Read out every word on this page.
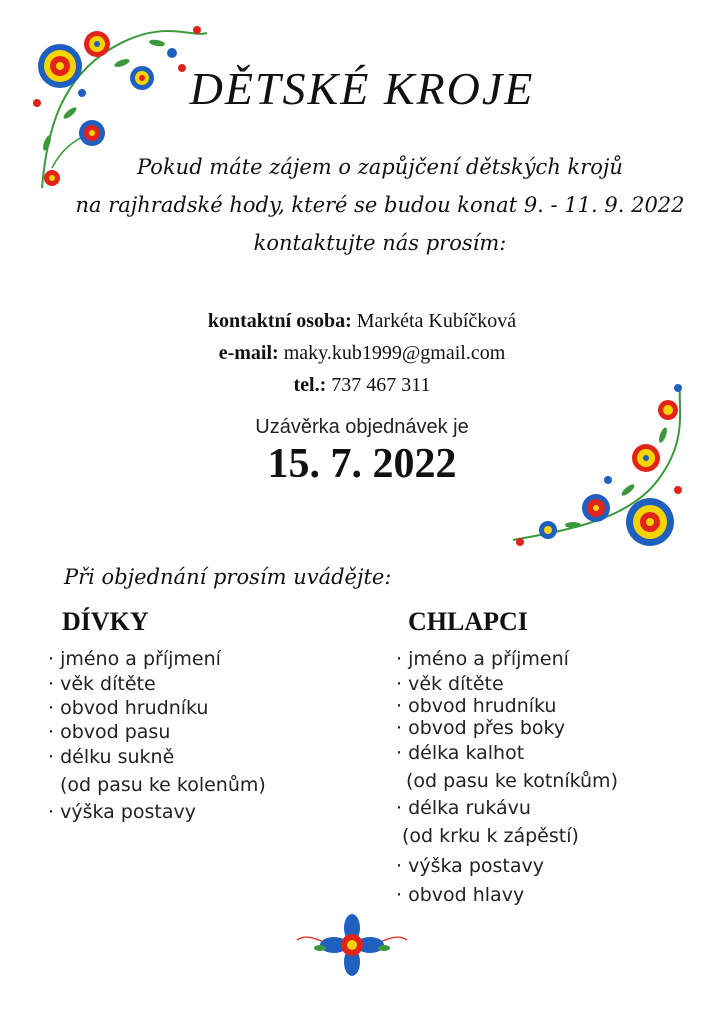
DĚTSKÉ KROJE
Pokud máte zájem o zapůjčení dětských krojů
na rajhradské hody, které se budou konat 9. - 11. 9. 2022
kontaktujte nás prosím:
kontaktní osoba: Markéta Kubíčková
e-mail: maky.kub1999@gmail.com
tel.: 737 467 311
Uzávěrka objednávek je
15. 7. 2022
Při objednání prosím uvádějte:
DÍVKY	CHLAPCI
· jméno a příjmení
· věk dítěte
· obvod hrudníku
· obvod pasu
· délku sukně
(od pasu ke kolenům)
· výška postavy
· jméno a příjmení
· věk dítěte
· obvod hrudníku
· obvod přes boky
· délka kalhot
(od pasu ke kotníkům)
· délka rukávu
(od krku k zápěstí)
· výška postavy
· obvod hlavy
